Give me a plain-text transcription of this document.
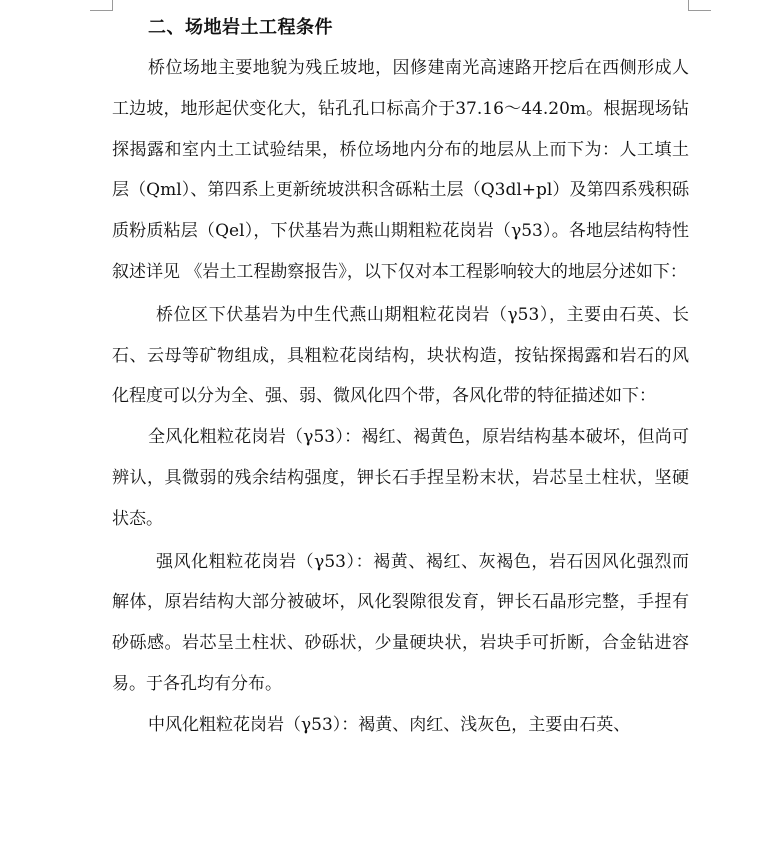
二、场地岩土工程条件

桥位场地主要地貌为残丘坡地，因修建南光高速路开挖后在西侧形成人工边坡，地形起伏变化大，钻孔孔口标高介于37.16～44.20m。根据现场钻探揭露和室内土工试验结果，桥位场地内分布的地层从上而下为：人工填土层（Qml）、第四系上更新统坡洪积含砾粘土层（Q3dl+pl）及第四系残积砾质粉质粘层（Qel），下伏基岩为燕山期粗粒花岗岩（γ53）。各地层结构特性叙述详见 《岩土工程勘察报告》，以下仅对本工程影响较大的地层分述如下：

桥位区下伏基岩为中生代燕山期粗粒花岗岩（γ53），主要由石英、长石、云母等矿物组成，具粗粒花岗结构，块状构造，按钻探揭露和岩石的风化程度可以分为全、强、弱、微风化四个带，各风化带的特征描述如下：

全风化粗粒花岗岩（γ53）：褐红、褐黄色，原岩结构基本破坏，但尚可辨认，具微弱的残余结构强度，钾长石手捏呈粉末状，岩芯呈土柱状，坚硬状态。

强风化粗粒花岗岩（γ53）：褐黄、褐红、灰褐色，岩石因风化强烈而解体，原岩结构大部分被破坏，风化裂隙很发育，钾长石晶形完整，手捏有砂砾感。岩芯呈土柱状、砂砾状，少量硬块状，岩块手可折断，合金钻进容易。于各孔均有分布。

中风化粗粒花岗岩（γ53）：褐黄、肉红、浅灰色，主要由石英、
